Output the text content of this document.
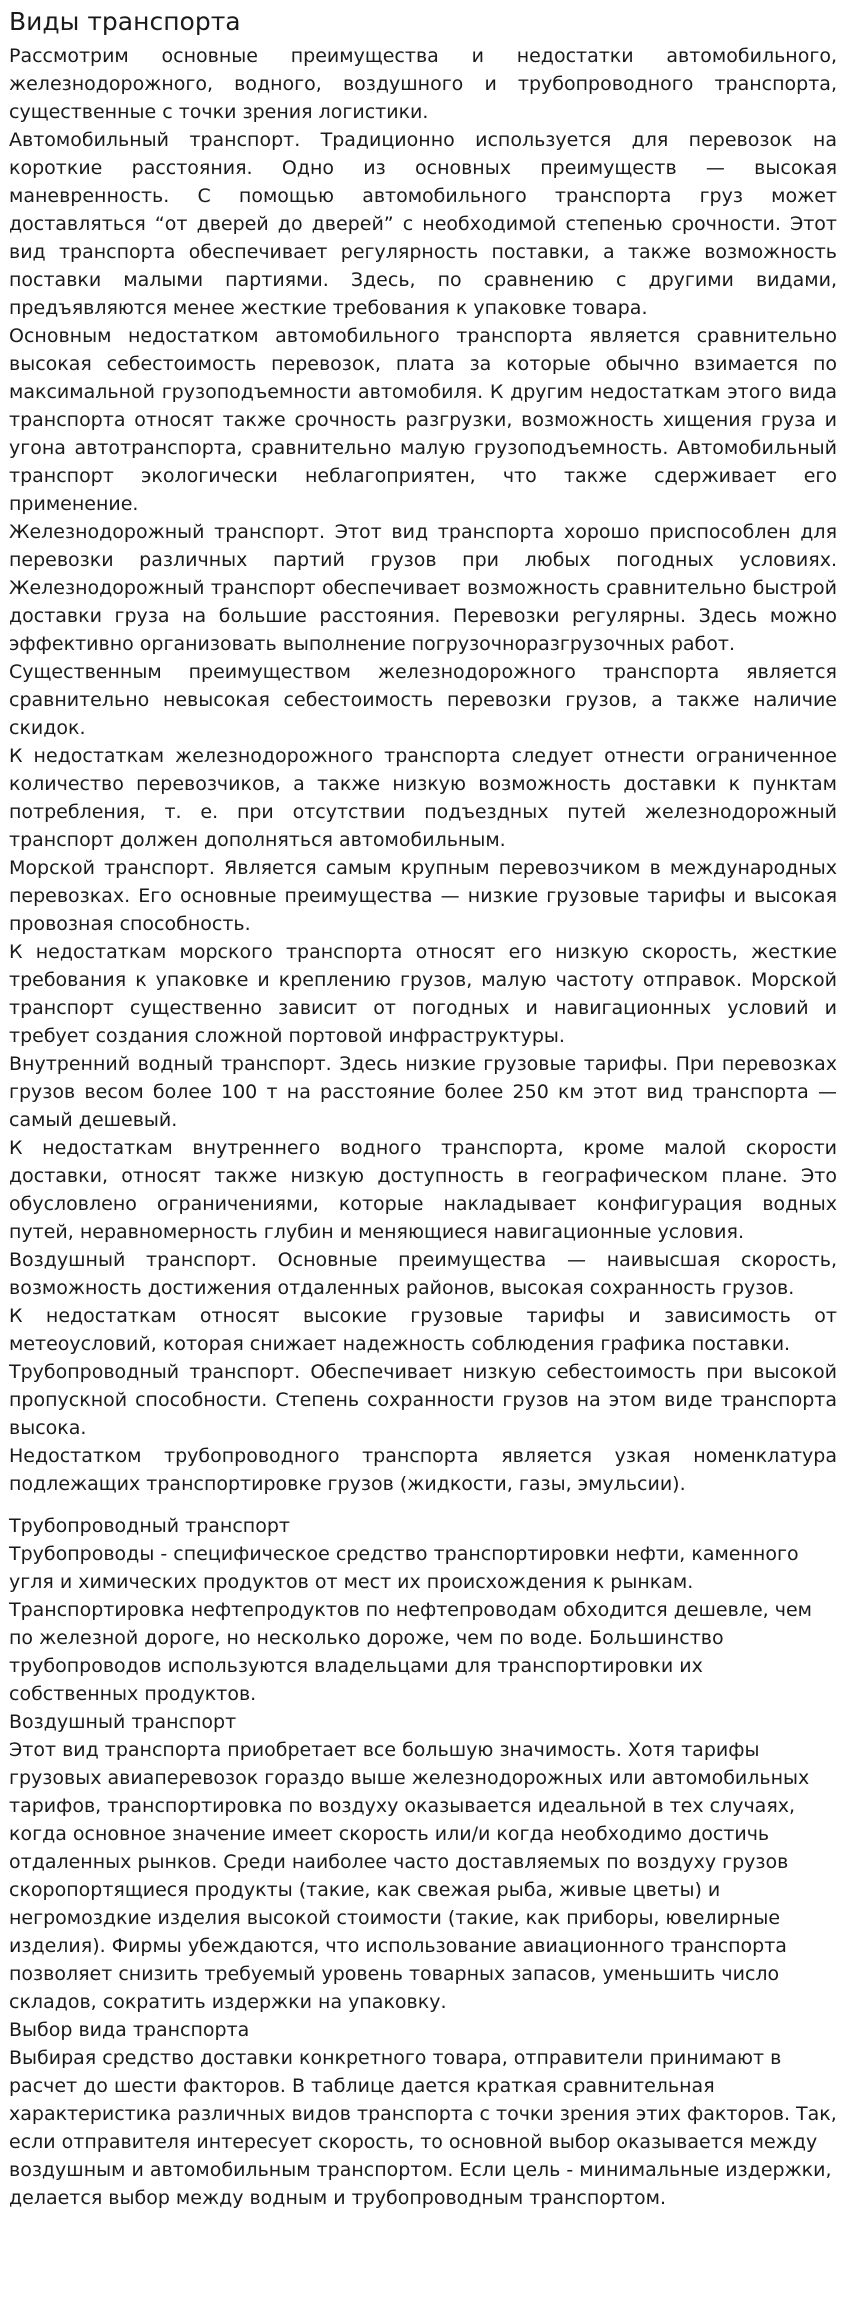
Виды транспорта

Рассмотрим основные преимущества и недостатки автомобильного, железнодорожного, водного, воздушного и трубопроводного транспорта, существенные с точки зрения логистики.

Автомобильный транспорт. Традиционно используется для перевозок на короткие расстояния. Одно из основных преимуществ — высокая маневренность. С помощью автомобильного транспорта груз может доставляться “от дверей до дверей” с необходимой степенью срочности. Этот вид транспорта обеспечивает регулярность поставки, а также возможность поставки малыми партиями. Здесь, по сравнению с другими видами, предъявляются менее жесткие требования к упаковке товара.

Основным недостатком автомобильного транспорта является сравнительно высокая себестоимость перевозок, плата за которые обычно взимается по максимальной грузоподъемности автомобиля. К другим недостаткам этого вида транспорта относят также срочность разгрузки, возможность хищения груза и угона автотранспорта, сравнительно малую грузоподъемность. Автомобильный транспорт экологически неблагоприятен, что также сдерживает его применение.

Железнодорожный транспорт. Этот вид транспорта хорошо приспособлен для перевозки различных партий грузов при любых погодных условиях. Железнодорожный транспорт обеспечивает возможность сравнительно быстрой доставки груза на большие расстояния. Перевозки регулярны. Здесь можно эффективно организовать выполнение погрузочноразгрузочных работ.

Существенным преимуществом железнодорожного транспорта является сравнительно невысокая себестоимость перевозки грузов, а также наличие скидок.

К недостаткам железнодорожного транспорта следует отнести ограниченное количество перевозчиков, а также низкую возможность доставки к пунктам потребления, т. е. при отсутствии подъездных путей железнодорожный транспорт должен дополняться автомобильным.

Морской транспорт. Является самым крупным перевозчиком в международных перевозках. Его основные преимущества — низкие грузовые тарифы и высокая провозная способность.

К недостаткам морского транспорта относят его низкую скорость, жесткие требования к упаковке и креплению грузов, малую частоту отправок. Морской транспорт существенно зависит от погодных и навигационных условий и требует создания сложной портовой инфраструктуры.

Внутренний водный транспорт. Здесь низкие грузовые тарифы. При перевозках грузов весом более 100 т на расстояние более 250 км этот вид транспорта — самый дешевый.

К недостаткам внутреннего водного транспорта, кроме малой скорости доставки, относят также низкую доступность в географическом плане. Это обусловлено ограничениями, которые накладывает конфигурация водных путей, неравномерность глубин и меняющиеся навигационные условия.

Воздушный транспорт. Основные преимущества — наивысшая скорость, возможность достижения отдаленных районов, высокая сохранность грузов.

К недостаткам относят высокие грузовые тарифы и зависимость от метеоусловий, которая снижает надежность соблюдения графика поставки.

Трубопроводный транспорт. Обеспечивает низкую себестоимость при высокой пропускной способности. Степень сохранности грузов на этом виде транспорта высока.

Недостатком трубопроводного транспорта является узкая номенклатура подлежащих транспортировке грузов (жидкости, газы, эмульсии).

Трубопроводный транспорт

Трубопроводы - специфическое средство транспортировки нефти, каменного угля и химических продуктов от мест их происхождения к рынкам. Транспортировка нефтепродуктов по нефтепроводам обходится дешевле, чем по железной дороге, но несколько дороже, чем по воде. Большинство трубопроводов используются владельцами для транспортировки их собственных продуктов.

Воздушный транспорт

Этот вид транспорта приобретает все большую значимость. Хотя тарифы грузовых авиаперевозок гораздо выше железнодорожных или автомобильных тарифов, транспортировка по воздуху оказывается идеальной в тех случаях, когда основное значение имеет скорость или/и когда необходимо достичь отдаленных рынков. Среди наиболее часто доставляемых по воздуху грузов скоропортящиеся продукты (такие, как свежая рыба, живые цветы) и негромоздкие изделия высокой стоимости (такие, как приборы, ювелирные изделия). Фирмы убеждаются, что использование авиационного транспорта позволяет снизить требуемый уровень товарных запасов, уменьшить число складов, сократить издержки на упаковку.

Выбор вида транспорта

Выбирая средство доставки конкретного товара, отправители принимают в расчет до шести факторов. В таблице дается краткая сравнительная характеристика различных видов транспорта с точки зрения этих факторов. Так, если отправителя интересует скорость, то основной выбор оказывается между воздушным и автомобильным транспортом. Если цель - минимальные издержки, делается выбор между водным и трубопроводным транспортом.
